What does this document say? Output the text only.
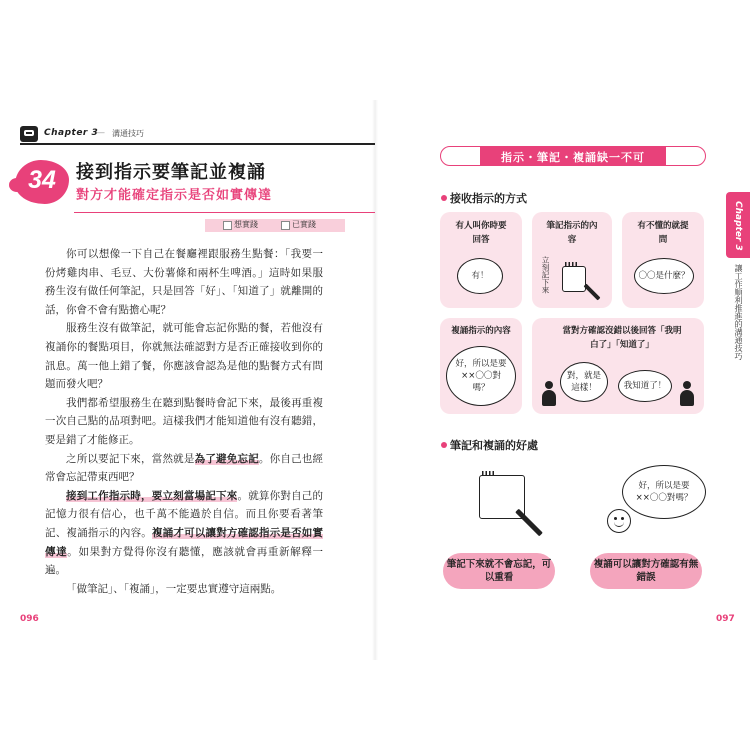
Chapter 3
— 溝通技巧
34	接到指示要筆記並複誦
對方才能確定指示是否如實傳達
想實踐	已實踐

你可以想像一下自己在餐廳裡跟服務生點餐：「我要一份烤雞肉串、毛豆、大份薯條和兩杯生啤酒。」這時如果服務生沒有做任何筆記，只是回答「好」、「知道了」就離開的話，你會不會有點擔心呢？

服務生沒有做筆記，就可能會忘記你點的餐，若他沒有複誦你的餐點項目，你就無法確認對方是否正確接收到你的訊息。萬一他上錯了餐，你應該會認為是他的點餐方式有問題而發火吧？

我們都希望服務生在聽到點餐時會記下來，最後再重複一次自己點的品項對吧。這樣我們才能知道他有沒有聽錯，要是錯了才能修正。

之所以要記下來，當然就是為了避免忘記。你自己也經常會忘記帶東西吧？

接到工作指示時，要立刻當場記下來。就算你對自己的記憶力很有信心，也千萬不能過於自信。而且你要看著筆記、複誦指示的內容。複誦才可以讓對方確認指示是否如實傳達。如果對方覺得你沒有聽懂，應該就會再重新解釋一遍。

「做筆記」、「複誦」，一定要忠實遵守這兩點。

096
指示・筆記・複誦缺一不可
Chapter 3
讓工作順利推進的溝通技巧
接收指示的方式
有人叫你時要回答
有！
筆記指示的內容
立刻記下來
有不懂的就提問
〇〇是什麼？
複誦指示的內容
好，所以是要××〇〇對嗎？
當對方確認沒錯以後回答「我明白了」「知道了」
對，就是這樣！	我知道了！
筆記和複誦的好處
好，所以是要××〇〇對嗎？
筆記下來就不會忘記，可以重看
複誦可以讓對方確認有無錯誤
097
